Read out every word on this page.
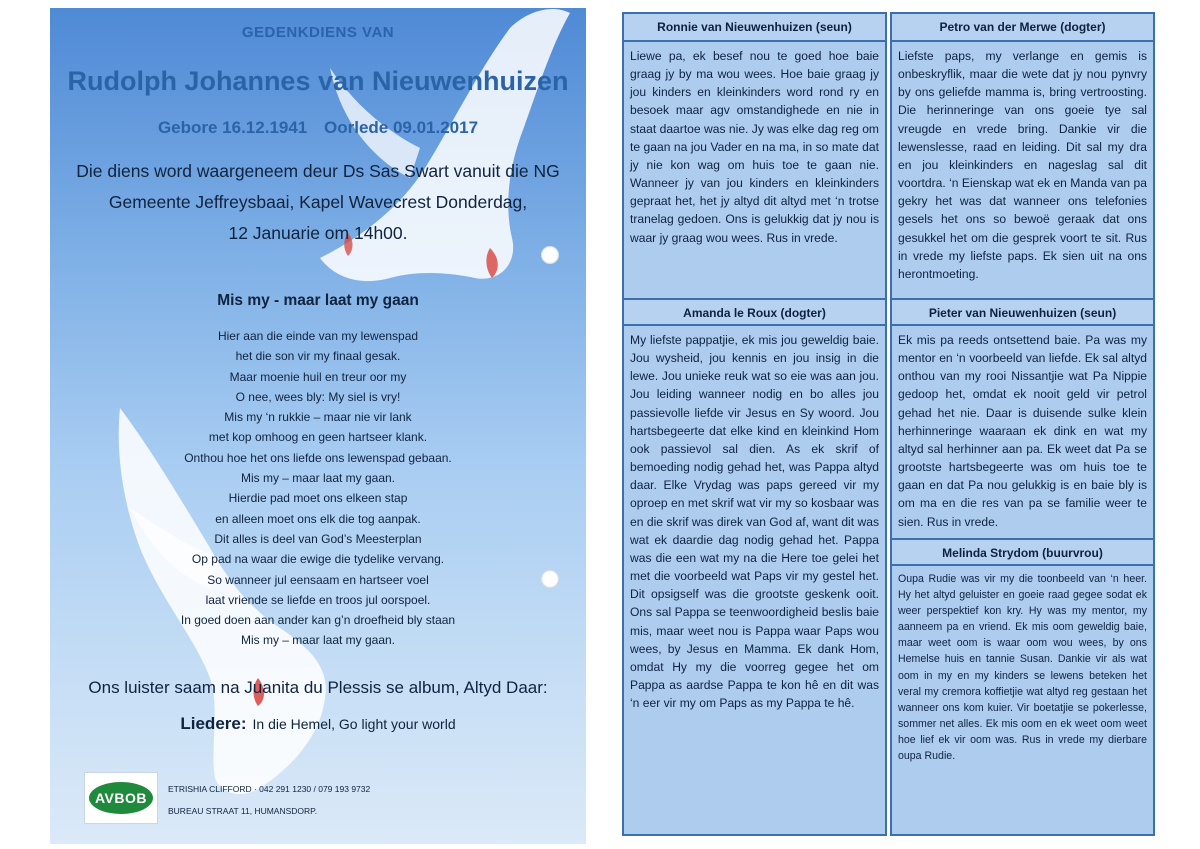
GEDENKDIENS VAN
Rudolph Johannes van Nieuwenhuizen
Gebore 16.12.1941 Oorlede 09.01.2017
Die diens word waargeneem deur Ds Sas Swart vanuit die NG
Gemeente Jeffreysbaai, Kapel Wavecrest Donderdag,
12 Januarie om 14h00.
Mis my - maar laat my gaan
Hier aan die einde van my lewenspad
het die son vir my finaal gesak.
Maar moenie huil en treur oor my
O nee, wees bly: My siel is vry!
Mis my ‘n rukkie – maar nie vir lank
met kop omhoog en geen hartseer klank.
Onthou hoe het ons liefde ons lewenspad gebaan.
Mis my – maar laat my gaan.
Hierdie pad moet ons elkeen stap
en alleen moet ons elk die tog aanpak.
Dit alles is deel van God’s Meesterplan
Op pad na waar die ewige die tydelike vervang.
So wanneer jul eensaam en hartseer voel
laat vriende se liefde en troos jul oorspoel.
In goed doen aan ander kan g’n droefheid bly staan
Mis my – maar laat my gaan.
Ons luister saam na Juanita du Plessis se album, Altyd Daar:
Liedere: In die Hemel, Go light your world
AVBOB
ETRISHIA CLIFFORD · 042 291 1230 / 079 193 9732
BUREAU STRAAT 11, HUMANSDORP.
Ronnie van Nieuwenhuizen (seun)
Liewe pa, ek besef nou te goed hoe baie graag jy by ma wou wees. Hoe baie graag jy jou kinders en kleinkinders word rond ry en besoek maar agv omstandighede en nie in staat daartoe was nie. Jy was elke dag reg om te gaan na jou Vader en na ma, in so mate dat jy nie kon wag om huis toe te gaan nie. Wanneer jy van jou kinders en kleinkinders gepraat het, het jy altyd dit altyd met ‘n trotse tranelag gedoen. Ons is gelukkig dat jy nou is waar jy graag wou wees. Rus in vrede.
Amanda le Roux (dogter)
My liefste pappatjie, ek mis jou geweldig baie. Jou wysheid, jou kennis en jou insig in die lewe. Jou unieke reuk wat so eie was aan jou. Jou leiding wanneer nodig en bo alles jou passievolle liefde vir Jesus en Sy woord. Jou hartsbegeerte dat elke kind en kleinkind Hom ook passievol sal dien. As ek skrif of bemoeding nodig gehad het, was Pappa altyd daar. Elke Vrydag was paps gereed vir my oproep en met skrif wat vir my so kosbaar was en die skrif was direk van God af, want dit was wat ek daardie dag nodig gehad het. Pappa was die een wat my na die Here toe gelei het met die voorbeeld wat Paps vir my gestel het. Dit opsigself was die grootste geskenk ooit. Ons sal Pappa se teenwoordigheid beslis baie mis, maar weet nou is Pappa waar Paps wou wees, by Jesus en Mamma. Ek dank Hom, omdat Hy my die voorreg gegee het om Pappa as aardse Pappa te kon hê en dit was ‘n eer vir my om Paps as my Pappa te hê.
Petro van der Merwe (dogter)
Liefste paps, my verlange en gemis is onbeskryflik, maar die wete dat jy nou pynvry by ons geliefde mamma is, bring vertroosting. Die herinneringe van ons goeie tye sal vreugde en vrede bring. Dankie vir die lewenslesse, raad en leiding. Dit sal my dra en jou kleinkinders en nageslag sal dit voortdra. ‘n Eienskap wat ek en Manda van pa gekry het was dat wanneer ons telefonies gesels het ons so bewoë geraak dat ons gesukkel het om die gesprek voort te sit. Rus in vrede my liefste paps. Ek sien uit na ons herontmoeting.
Pieter van Nieuwenhuizen (seun)
Ek mis pa reeds ontsettend baie. Pa was my mentor en ‘n voorbeeld van liefde. Ek sal altyd onthou van my rooi Nissantjie wat Pa Nippie gedoop het, omdat ek nooit geld vir petrol gehad het nie. Daar is duisende sulke klein herhinneringe waaraan ek dink en wat my altyd sal herhinner aan pa. Ek weet dat Pa se grootste hartsbegeerte was om huis toe te gaan en dat Pa nou gelukkig is en baie bly is om ma en die res van pa se familie weer te sien. Rus in vrede.
Melinda Strydom (buurvrou)
Oupa Rudie was vir my die toonbeeld van ‘n heer. Hy het altyd geluister en goeie raad gegee sodat ek weer perspektief kon kry. Hy was my mentor, my aanneem pa en vriend. Ek mis oom geweldig baie, maar weet oom is waar oom wou wees, by ons Hemelse huis en tannie Susan. Dankie vir als wat oom in my en my kinders se lewens beteken het veral my cremora koffietjie wat altyd reg gestaan het wanneer ons kom kuier. Vir boetatjie se pokerlesse, sommer net alles. Ek mis oom en ek weet oom weet hoe lief ek vir oom was. Rus in vrede my dierbare oupa Rudie.
